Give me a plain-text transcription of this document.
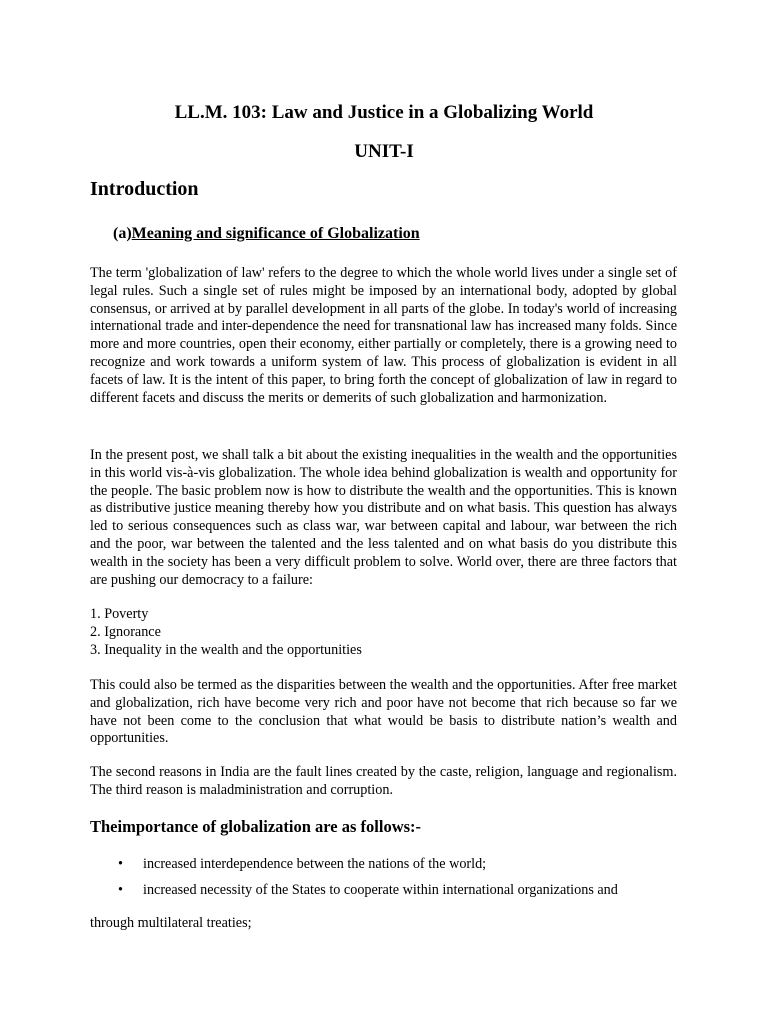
LL.M. 103: Law and Justice in a Globalizing World
UNIT-I
Introduction
(a)Meaning and significance of Globalization
The term 'globalization of law' refers to the degree to which the whole world lives under a single set of legal rules. Such a single set of rules might be imposed by an international body, adopted by global consensus, or arrived at by parallel development in all parts of the globe. In today's world of increasing international trade and inter-dependence the need for transnational law has increased many folds. Since more and more countries, open their economy, either partially or completely, there is a growing need to recognize and work towards a uniform system of law. This process of globalization is evident in all facets of law. It is the intent of this paper, to bring forth the concept of globalization of law in regard to different facets and discuss the merits or demerits of such globalization and harmonization.
In the present post, we shall talk a bit about the existing inequalities in the wealth and the opportunities in this world vis-à-vis globalization. The whole idea behind globalization is wealth and opportunity for the people. The basic problem now is how to distribute the wealth and the opportunities. This is known as distributive justice meaning thereby how you distribute and on what basis. This question has always led to serious consequences such as class war, war between capital and labour, war between the rich and the poor, war between the talented and the less talented and on what basis do you distribute this wealth in the society has been a very difficult problem to solve. World over, there are three factors that are pushing our democracy to a failure:
1. Poverty
2. Ignorance
3. Inequality in the wealth and the opportunities
This could also be termed as the disparities between the wealth and the opportunities. After free market and globalization, rich have become very rich and poor have not become that rich because so far we have not been come to the conclusion that what would be basis to distribute nation’s wealth and opportunities.
The second reasons in India are the fault lines created by the caste, religion, language and regionalism. The third reason is maladministration and corruption.
Theimportance of globalization are as follows:-
•	increased interdependence between the nations of the world;
•	increased necessity of the States to cooperate within international organizations and
through multilateral treaties;
